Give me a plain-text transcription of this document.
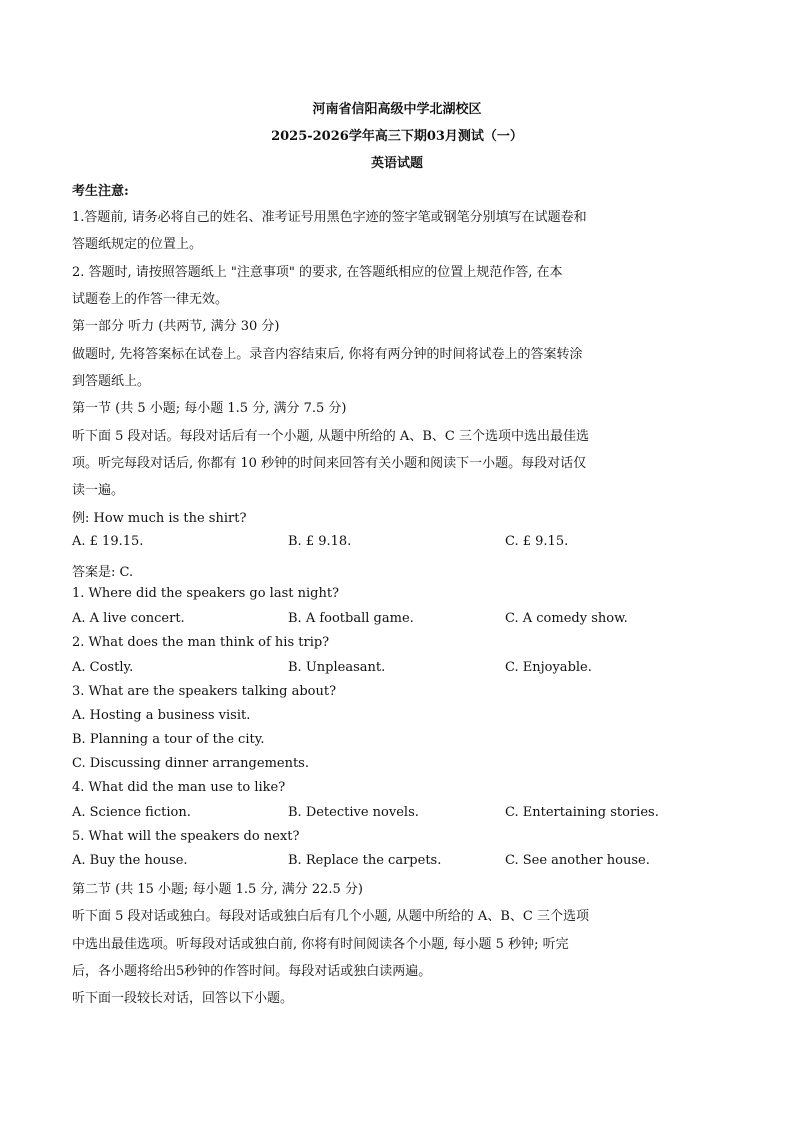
河南省信阳高级中学北湖校区
2025-2026学年高三下期03月测试（一）
英语试题
考生注意:
1.答题前, 请务必将自己的姓名、准考证号用黑色字迹的签字笔或钢笔分别填写在试题卷和
答题纸规定的位置上。
2. 答题时, 请按照答题纸上 "注意事项" 的要求, 在答题纸相应的位置上规范作答, 在本
试题卷上的作答一律无效。
第一部分 听力 (共两节, 满分 30 分)
做题时, 先将答案标在试卷上。录音内容结束后, 你将有两分钟的时间将试卷上的答案转涂
到答题纸上。
第一节 (共 5 小题; 每小题 1.5 分, 满分 7.5 分)
听下面 5 段对话。每段对话后有一个小题, 从题中所给的 A、B、C 三个选项中选出最佳选
项。听完每段对话后, 你都有 10 秒钟的时间来回答有关小题和阅读下一小题。每段对话仅
读一遍。
例: How much is the shirt?
A. £ 19.15.	B. £ 9.18.	C. £ 9.15.
答案是: C.
1. Where did the speakers go last night?
A. A live concert.	B. A football game.	C. A comedy show.
2. What does the man think of his trip?
A. Costly.	B. Unpleasant.	C. Enjoyable.
3. What are the speakers talking about?
A. Hosting a business visit.
B. Planning a tour of the city.
C. Discussing dinner arrangements.
4. What did the man use to like?
A. Science fiction.	B. Detective novels.	C. Entertaining stories.
5. What will the speakers do next?
A. Buy the house.	B. Replace the carpets.	C. See another house.
第二节 (共 15 小题; 每小题 1.5 分, 满分 22.5 分)
听下面 5 段对话或独白。每段对话或独白后有几个小题, 从题中所给的 A、B、C 三个选项
中选出最佳选项。听每段对话或独白前, 你将有时间阅读各个小题, 每小题 5 秒钟; 听完
后，各小题将给出5秒钟的作答时间。每段对话或独白读两遍。
听下面一段较长对话，回答以下小题。
